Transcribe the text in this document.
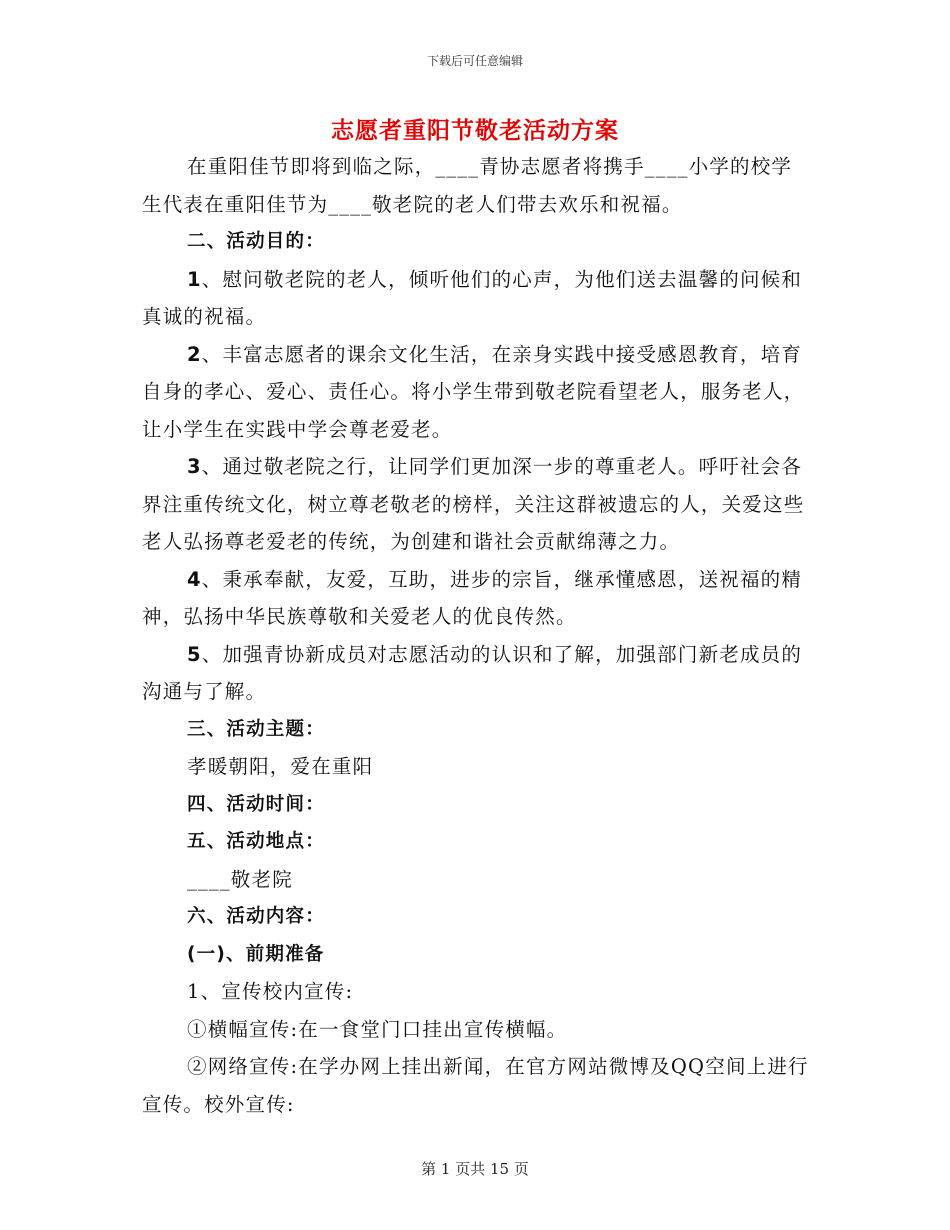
下载后可任意编辑
志愿者重阳节敬老活动方案

在重阳佳节即将到临之际，____青协志愿者将携手____小学的校学生代表在重阳佳节为____敬老院的老人们带去欢乐和祝福。

二、活动目的：

1、慰问敬老院的老人，倾听他们的心声，为他们送去温馨的问候和真诚的祝福。

2、丰富志愿者的课余文化生活，在亲身实践中接受感恩教育，培育自身的孝心、爱心、责任心。将小学生带到敬老院看望老人，服务老人，让小学生在实践中学会尊老爱老。

3、通过敬老院之行，让同学们更加深一步的尊重老人。呼吁社会各界注重传统文化，树立尊老敬老的榜样，关注这群被遗忘的人，关爱这些老人弘扬尊老爱老的传统，为创建和谐社会贡献绵薄之力。

4、秉承奉献，友爱，互助，进步的宗旨，继承懂感恩，送祝福的精神，弘扬中华民族尊敬和关爱老人的优良传然。

5、加强青协新成员对志愿活动的认识和了解，加强部门新老成员的沟通与了解。

三、活动主题：

孝暖朝阳，爱在重阳

四、活动时间：

五、活动地点：

____敬老院

六、活动内容：

(一)、前期准备

1、宣传校内宣传:

①横幅宣传:在一食堂门口挂出宣传横幅。

②网络宣传:在学办网上挂出新闻，在官方网站微博及QQ空间上进行宣传。校外宣传:

第 1 页共 15 页
